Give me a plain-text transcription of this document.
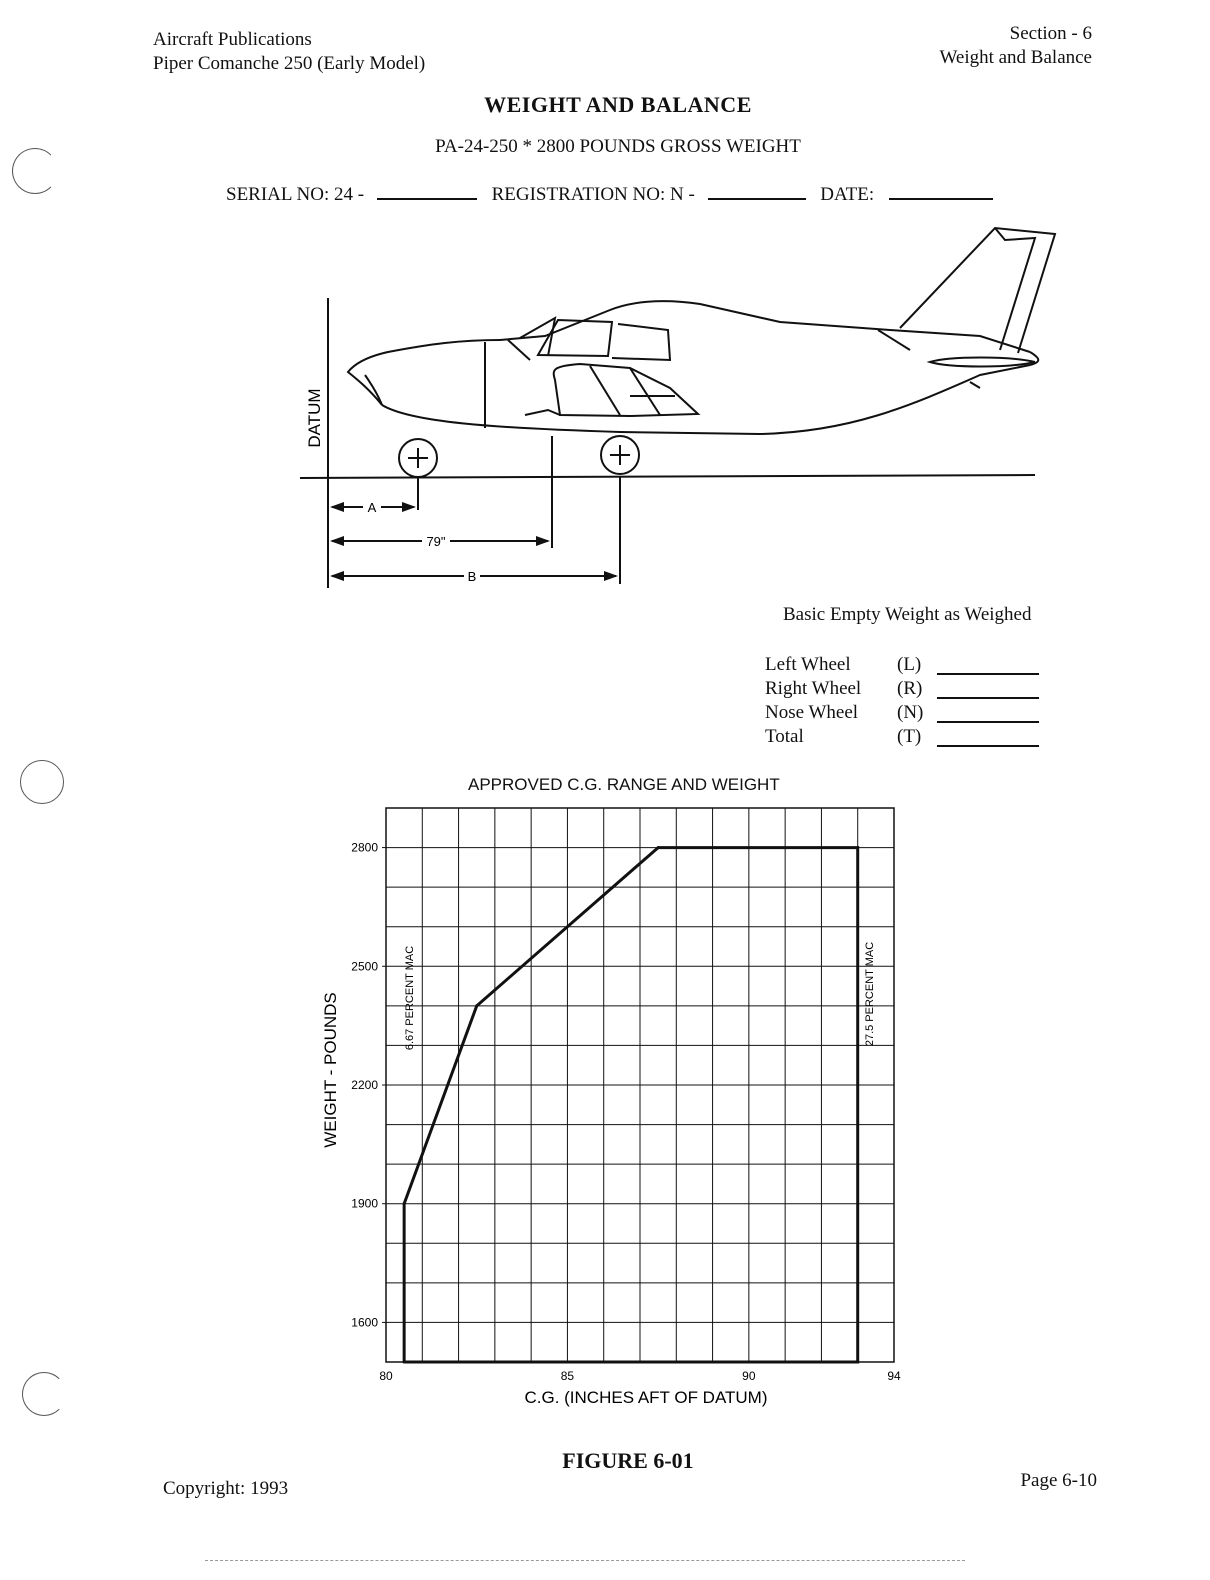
Aircraft Publications
Piper Comanche 250 (Early Model)
Section - 6
Weight and Balance
WEIGHT AND BALANCE
PA-24-250 * 2800 POUNDS GROSS WEIGHT
SERIAL NO: 24 -	REGISTRATION NO: N -	DATE:
A
79"
B
DATUM
Basic Empty Weight as Weighed
Left Wheel (L)
Right Wheel (R)
Nose Wheel (N)
Total	(T)
APPROVED C.G. RANGE AND WEIGHT
80	85	90	94
1600
1900
2200
2500
2800
WEIGHT - POUNDS
C.G. (INCHES AFT OF DATUM)
6.67 PERCENT MAC	27.5 PERCENT MAC
FIGURE 6-01
Copyright: 1993	Page 6-10
